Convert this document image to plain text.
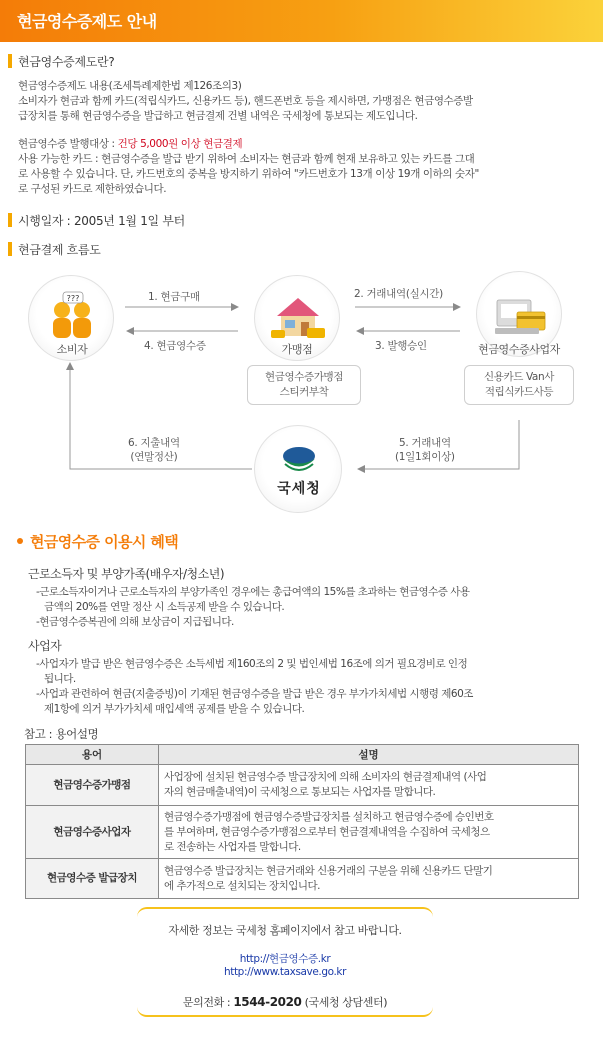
현금영수증제도 안내
현금영수증제도란?
현금영수증제도 내용(조세특례제한법 제126조의3)
소비자가 현금과 함께 카드(적립식카드, 신용카드 등), 핸드폰번호 등을 제시하면, 가맹점은 현금영수증발
급장치를 통해 현금영수증을 발급하고 현금결제 건별 내역은 국세청에 통보되는 제도입니다.
현금영수증 발행대상 : 건당 5,000원 이상 현금결제
사용 가능한 카드 : 현금영수증을 발급 받기 위하여 소비자는 현금과 함께 현재 보유하고 있는 카드를 그대
로 사용할 수 있습니다. 단, 카드번호의 중복을 방지하기 위하여 "카드번호가 13개 이상 19개 이하의 숫자"
로 구성된 카드로 제한하였습니다.
시행일자 : 2005년 1월 1일 부터
현금결제 흐름도
???
소비자	가맹점	현금영수증사업자
국세청
1. 현금구매
4. 현금영수증
2. 거래내역(실시간)
3. 발행승인
5. 거래내역
(1일1회이상)
6. 지출내역
(연말정산)
현금영수증가맹점
스티커부착
신용카드 Van사
적립식카드사등
현금영수증 이용시 혜택
근로소득자 및 부양가족(배우자/청소년)
-근로소득자이거나 근로소득자의 부양가족인 경우에는 총급여액의 15%를 초과하는 현금영수증 사용
금액의 20%를 연말 정산 시 소득공제 받을 수 있습니다.
-현금영수증복권에 의해 보상금이 지급됩니다.
사업자
-사업자가 발급 받은 현금영수증은 소득세법 제160조의 2 및 법인세법 16조에 의거 필요경비로 인정
됩니다.
-사업과 관련하여 현금(지출증빙)이 기재된 현금영수증을 발급 받은 경우 부가가치세법 시행령 제60조
제1항에 의거 부가가치세 매입세액 공제를 받을 수 있습니다.
참고 : 용어설명
용어	설명
현금영수증가맹점	사업장에 설치된 현금영수증 발급장치에 의해 소비자의 현금결제내역 (사업
자의 현금매출내역)이 국세청으로 통보되는 사업자를 말합니다.

현금영수증사업자	현금영수증가맹점에 현금영수증발급장치를 설치하고 현금영수증에 승인번호
를 부여하며, 현금영수증가맹점으로부터 현금결제내역을 수집하여 국세청으
로 전송하는 사업자를 말합니다.

현금영수증 발급장치	현금영수증 발급장치는 현금거래와 신용거래의 구분을 위해 신용카드 단말기
에 추가적으로 설치되는 장치입니다.
자세한 정보는 국세청 홈페이지에서 참고 바랍니다.
http://현금영수증.kr
http://www.taxsave.go.kr
문의전화 : 1544-2020 (국세청 상담센터)
